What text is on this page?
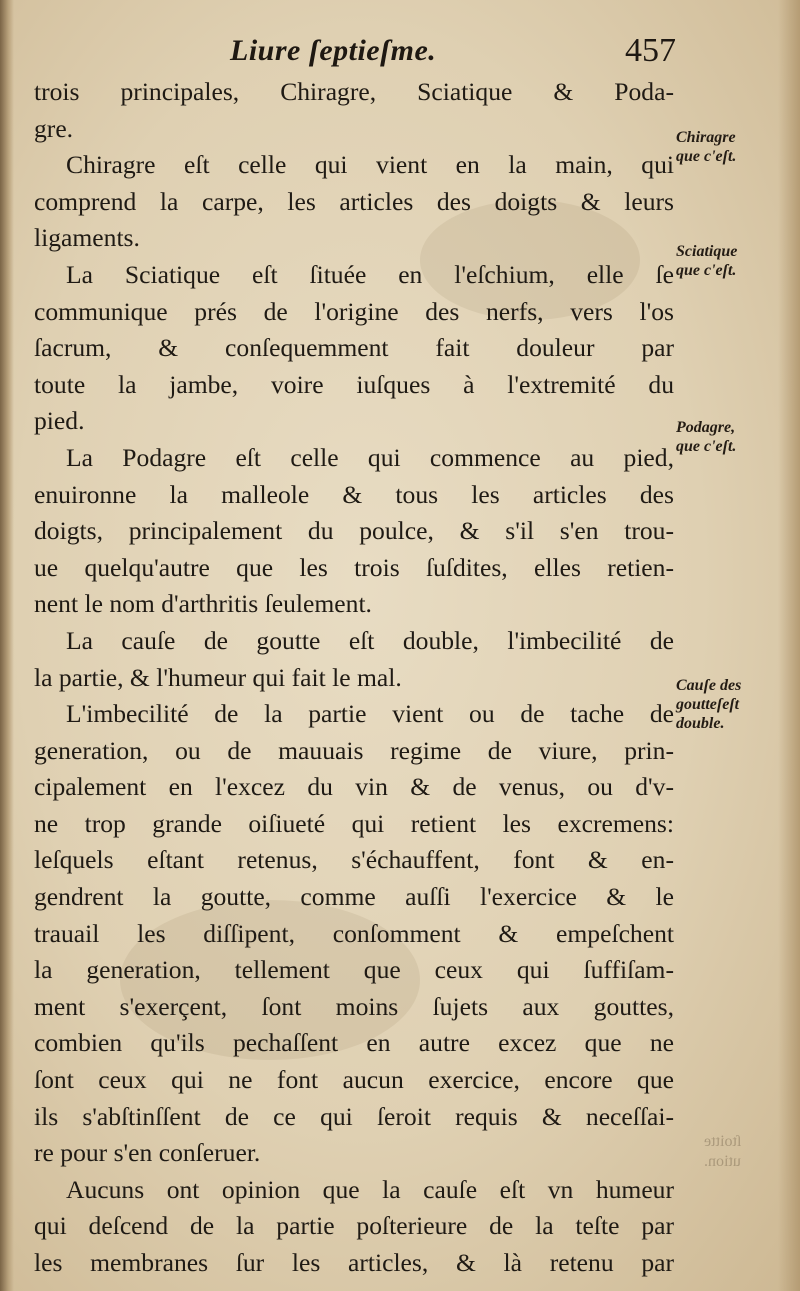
Liure ſeptieſme.	457
trois principales, Chiragre, Sciatique & Poda-
gre.
Chiragre eſt celle qui vient en la main, qui
comprend la carpe, les articles des doigts & leurs
ligaments.
La Sciatique eſt ſituée en l'eſchium, elle ſe
communique prés de l'origine des nerfs, vers l'os
ſacrum, & conſequemment fait douleur par
toute la jambe, voire iuſques à l'extremité du
pied.
La Podagre eſt celle qui commence au pied,
enuironne la malleole & tous les articles des
doigts, principalement du poulce, & s'il s'en trou-
ue quelqu'autre que les trois ſuſdites, elles retien-
nent le nom d'arthritis ſeulement.
La cauſe de goutte eſt double, l'imbecilité de
la partie, & l'humeur qui fait le mal.
L'imbecilité de la partie vient ou de tache de
generation, ou de mauuais regime de viure, prin-
cipalement en l'excez du vin & de venus, ou d'v-
ne trop grande oiſiueté qui retient les excremens:
leſquels eſtant retenus, s'échauffent, font & en-
gendrent la goutte, comme auſſi l'exercice & le
trauail les diſſipent, conſomment & empeſchent
la generation, tellement que ceux qui ſuffiſam-
ment s'exerçent, ſont moins ſujets aux gouttes,
combien qu'ils pechaſſent en autre excez que ne
ſont ceux qui ne font aucun exercice, encore que
ils s'abſtinſſent de ce qui ſeroit requis & neceſſai-
re pour s'en conſeruer.
Aucuns ont opinion que la cauſe eſt vn humeur
qui deſcend de la partie poſterieure de la teſte par
les membranes ſur les articles, & là retenu par
Chiragre
que c'eſt.
Sciatique
que c'eſt.
Podagre,
que c'eſt.
Cauſe des
goutteſeſt
double.
ſtoitte
ution.
